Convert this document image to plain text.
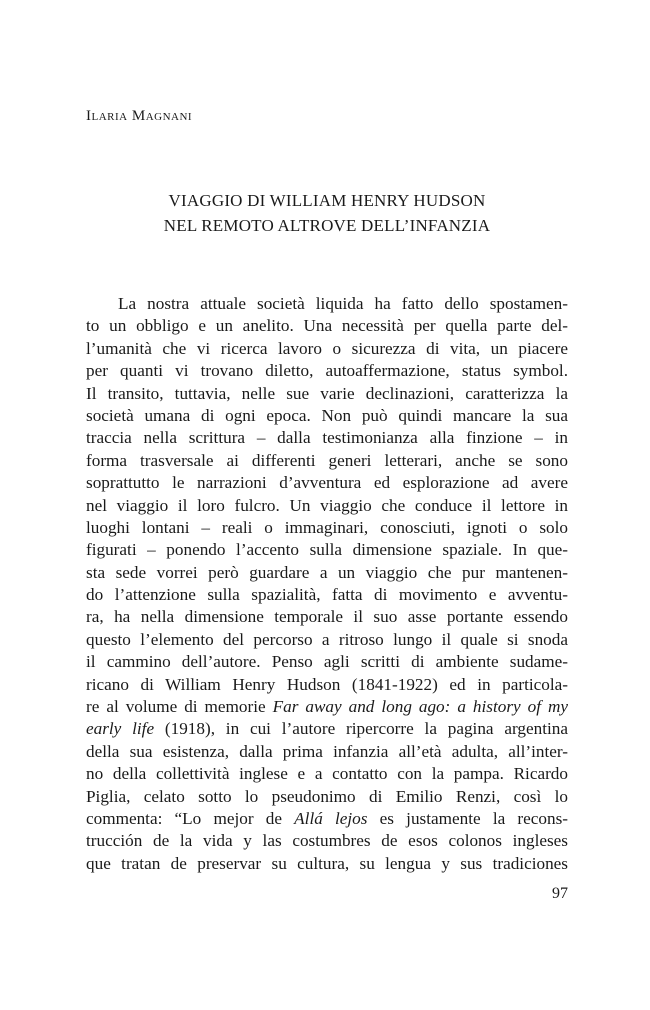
Ilaria Magnani
VIAGGIO DI WILLIAM HENRY HUDSON
NEL REMOTO ALTROVE DELL’INFANZIA
La nostra attuale società liquida ha fatto dello spostamen-
to un obbligo e un anelito. Una necessità per quella parte del-
l’umanità che vi ricerca lavoro o sicurezza di vita, un piacere
per quanti vi trovano diletto, autoaffermazione, status symbol.
Il transito, tuttavia, nelle sue varie declinazioni, caratterizza la
società umana di ogni epoca. Non può quindi mancare la sua
traccia nella scrittura – dalla testimonianza alla finzione – in
forma trasversale ai differenti generi letterari, anche se sono
soprattutto le narrazioni d’avventura ed esplorazione ad avere
nel viaggio il loro fulcro. Un viaggio che conduce il lettore in
luoghi lontani – reali o immaginari, conosciuti, ignoti o solo
figurati – ponendo l’accento sulla dimensione spaziale. In que-
sta sede vorrei però guardare a un viaggio che pur mantenen-
do l’attenzione sulla spazialità, fatta di movimento e avventu-
ra, ha nella dimensione temporale il suo asse portante essendo
questo l’elemento del percorso a ritroso lungo il quale si snoda
il cammino dell’autore. Penso agli scritti di ambiente sudame-
ricano di William Henry Hudson (1841-1922) ed in particola-
re al volume di memorie Far away and long ago: a history of my
early life (1918), in cui l’autore ripercorre la pagina argentina
della sua esistenza, dalla prima infanzia all’età adulta, all’inter-
no della collettività inglese e a contatto con la pampa. Ricardo
Piglia, celato sotto lo pseudonimo di Emilio Renzi, così lo
commenta: “Lo mejor de Allá lejos es justamente la recons-
trucción de la vida y las costumbres de esos colonos ingleses
que tratan de preservar su cultura, su lengua y sus tradiciones
97
